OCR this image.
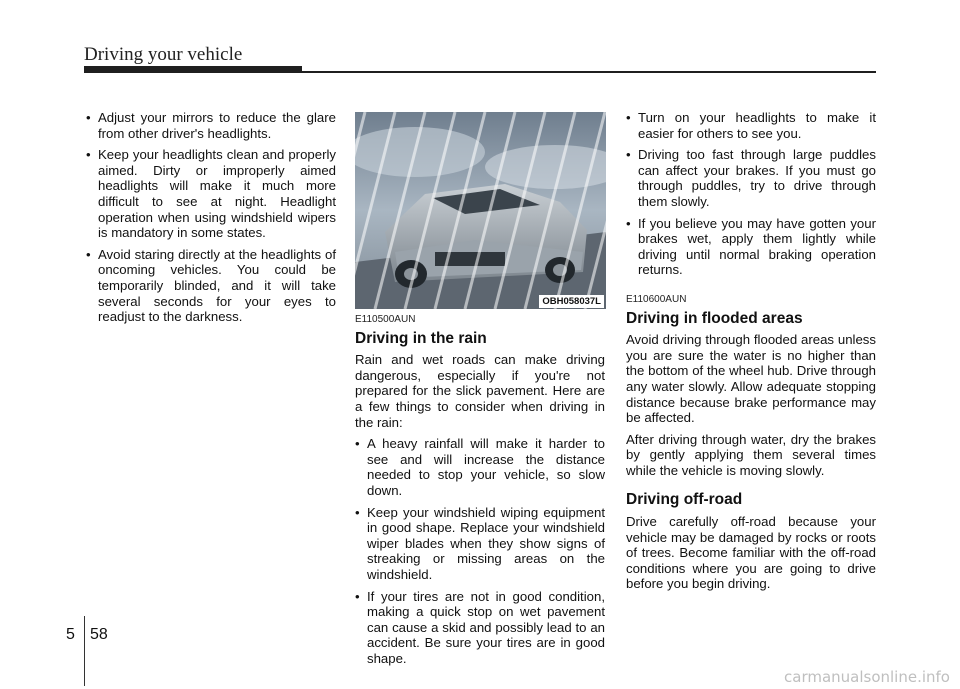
Driving your vehicle
• Adjust your mirrors to reduce the glare from other driver's headlights.
• Keep your headlights clean and properly aimed. Dirty or improperly aimed headlights will make it much more difficult to see at night. Headlight operation when using windshield wipers is mandatory in some states.
• Avoid staring directly at the headlights of oncoming vehicles. You could be temporarily blinded, and it will take several seconds for your eyes to readjust to the darkness.
OBH058037L
E110500AUN
Driving in the rain

Rain and wet roads can make driving dangerous, especially if you're not prepared for the slick pavement. Here are a few things to consider when driving in the rain:

• A heavy rainfall will make it harder to see and will increase the distance needed to stop your vehicle, so slow down.
• Keep your windshield wiping equipment in good shape. Replace your windshield wiper blades when they show signs of streaking or missing areas on the windshield.
• If your tires are not in good condition, making a quick stop on wet pavement can cause a skid and possibly lead to an accident. Be sure your tires are in good shape.
• Turn on your headlights to make it easier for others to see you.
• Driving too fast through large puddles can affect your brakes. If you must go through puddles, try to drive through them slowly.
• If you believe you may have gotten your brakes wet, apply them lightly while driving until normal braking operation returns.
E110600AUN
Driving in flooded areas

Avoid driving through flooded areas unless you are sure the water is no higher than the bottom of the wheel hub. Drive through any water slowly. Allow adequate stopping distance because brake performance may be affected.

After driving through water, dry the brakes by gently applying them several times while the vehicle is moving slowly.

Driving off-road

Drive carefully off-road because your vehicle may be damaged by rocks or roots of trees. Become familiar with the off-road conditions where you are going to drive before you begin driving.

5 58
carmanualsonline.info
